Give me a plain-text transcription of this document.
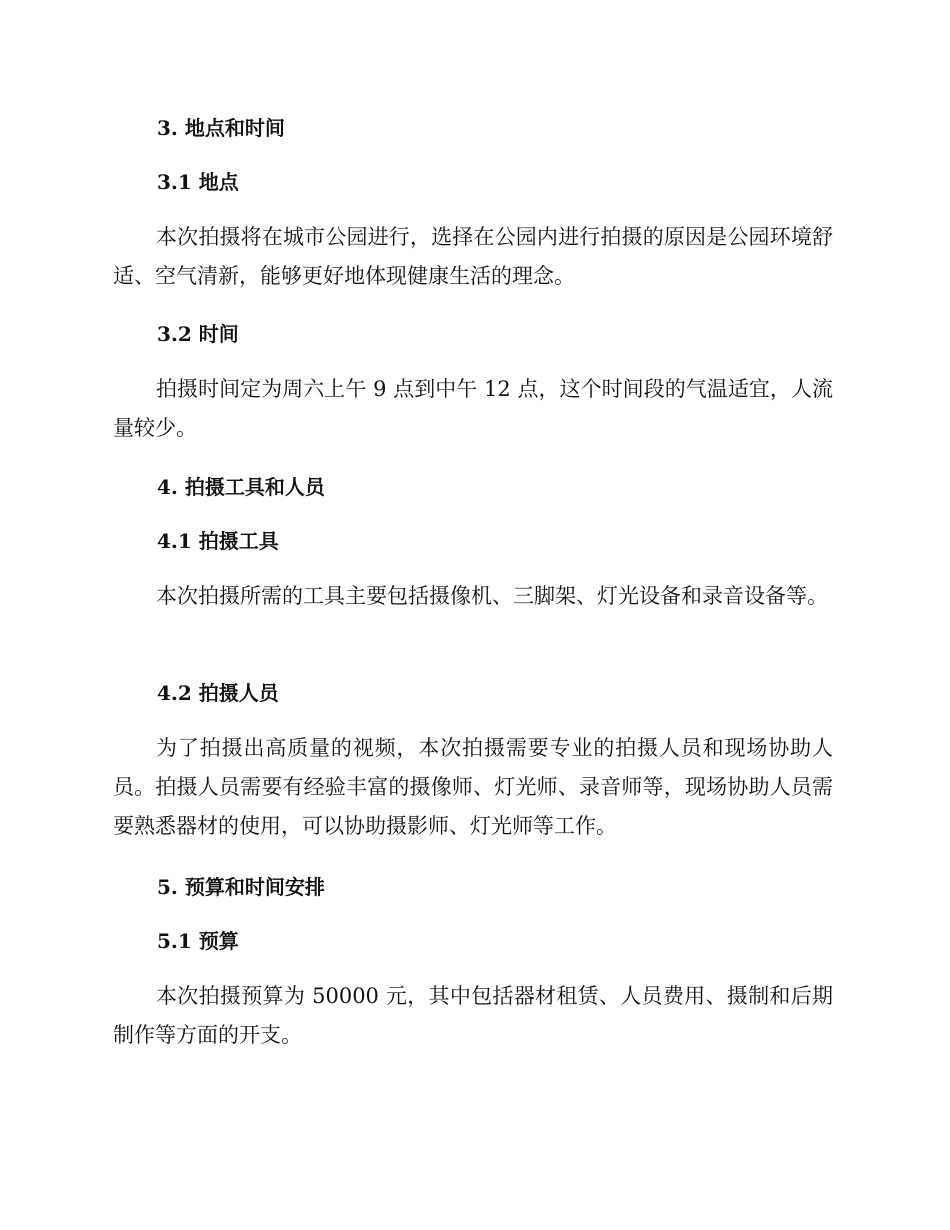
3. 地点和时间
3.1 地点

本次拍摄将在城市公园进行，选择在公园内进行拍摄的原因是公园环境舒适、空气清新，能够更好地体现健康生活的理念。

3.2 时间

拍摄时间定为周六上午 9 点到中午 12 点，这个时间段的气温适宜，人流量较少。

4. 拍摄工具和人员
4.1 拍摄工具

本次拍摄所需的工具主要包括摄像机、三脚架、灯光设备和录音设备等。

4.2 拍摄人员

为了拍摄出高质量的视频，本次拍摄需要专业的拍摄人员和现场协助人员。拍摄人员需要有经验丰富的摄像师、灯光师、录音师等，现场协助人员需要熟悉器材的使用，可以协助摄影师、灯光师等工作。

5. 预算和时间安排
5.1 预算

本次拍摄预算为 50000 元，其中包括器材租赁、人员费用、摄制和后期制作等方面的开支。
